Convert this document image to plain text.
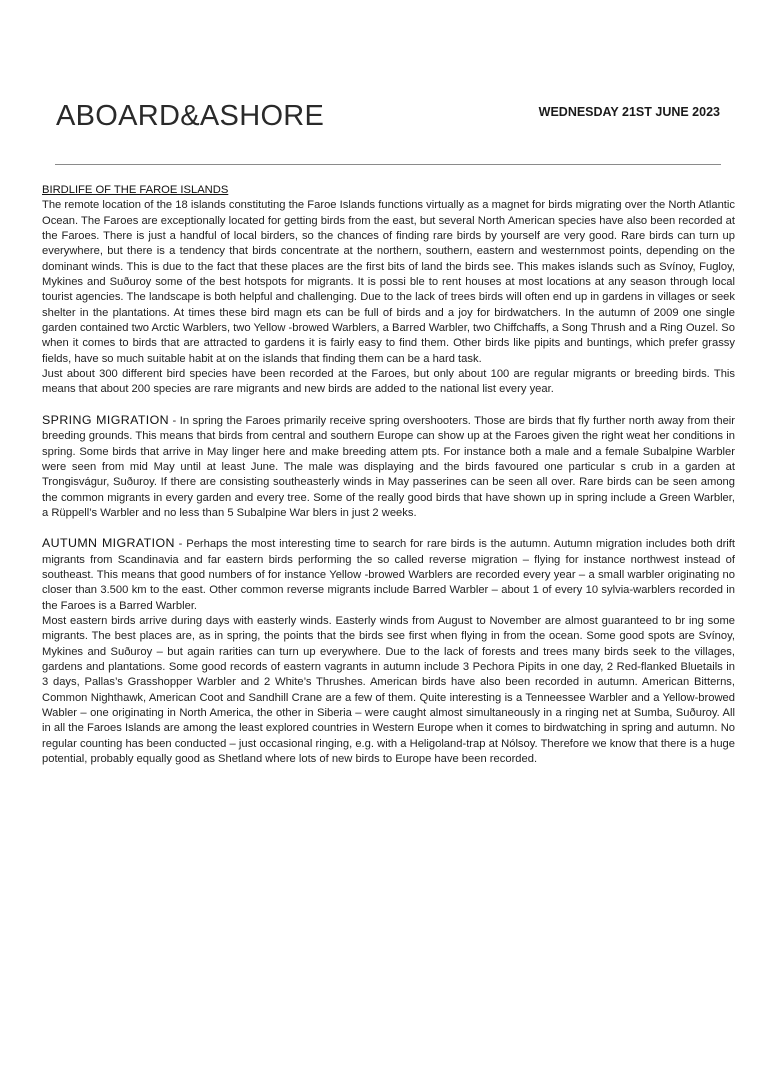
ABOARD&ASHORE	WEDNESDAY 21ST JUNE 2023

BIRDLIFE OF THE FAROE ISLANDS

The remote location of the 18 islands constituting the Faroe Islands functions virtually as a magnet for birds migrating over the North Atlantic Ocean. The Faroes are exceptionally located for getting birds from the east, but several North American species have also been recorded at the Faroes. There is just a handful of local birders, so the chances of finding rare birds by yourself are very good. Rare birds can turn up everywhere, but there is a tendency that birds concentrate at the northern, southern, eastern and westernmost points, depending on the dominant winds. This is due to the fact that these places are the first bits of land the birds see. This makes islands such as Svínoy, Fugloy, Mykines and Suðuroy some of the best hotspots for migrants. It is possi ble to rent houses at most locations at any season through local tourist agencies. The landscape is both helpful and challenging. Due to the lack of trees birds will often end up in gardens in villages or seek shelter in the plantations. At times these bird magn ets can be full of birds and a joy for birdwatchers. In the autumn of 2009 one single garden contained two Arctic Warblers, two Yellow -browed Warblers, a Barred Warbler, two Chiffchaffs, a Song Thrush and a Ring Ouzel. So when it comes to birds that are attracted to gardens it is fairly easy to find them. Other birds like pipits and buntings, which prefer grassy fields, have so much suitable habit at on the islands that finding them can be a hard task.

Just about 300 different bird species have been recorded at the Faroes, but only about 100 are regular migrants or breeding birds. This means that about 200 species are rare migrants and new birds are added to the national list every year.

SPRING MIGRATION - In spring the Faroes primarily receive spring overshooters. Those are birds that fly further north away from their breeding grounds. This means that birds from central and southern Europe can show up at the Faroes given the right weat her conditions in spring. Some birds that arrive in May linger here and make breeding attem pts. For instance both a male and a female Subalpine Warbler were seen from mid May until at least June. The male was displaying and the birds favoured one particular s crub in a garden at Trongisvágur, Suðuroy. If there are consisting southeasterly winds in May passerines can be seen all over. Rare birds can be seen among the common migrants in every garden and every tree. Some of the really good birds that have shown up in spring include a Green Warbler, a Rüppell’s Warbler and no less than 5 Subalpine War blers in just 2 weeks.

AUTUMN MIGRATION - Perhaps the most interesting time to search for rare birds is the autumn. Autumn migration includes both drift migrants from Scandinavia and far eastern birds performing the so called reverse migration – flying for instance northwest instead of southeast. This means that good numbers of for instance Yellow -browed Warblers are recorded every year – a small warbler originating no closer than 3.500 km to the east. Other common reverse migrants include Barred Warbler – about 1 of every 10 sylvia-warblers recorded in the Faroes is a Barred Warbler.

Most eastern birds arrive during days with easterly winds. Easterly winds from August to November are almost guaranteed to br ing some migrants. The best places are, as in spring, the points that the birds see first when flying in from the ocean. Some good spots are Svínoy, Mykines and Suðuroy – but again rarities can turn up everywhere. Due to the lack of forests and trees many birds seek to the villages, gardens and plantations. Some good records of eastern vagrants in autumn include 3 Pechora Pipits in one day, 2 Red-flanked Bluetails in 3 days, Pallas’s Grasshopper Warbler and 2 White’s Thrushes. American birds have also been recorded in autumn. American Bitterns, Common Nighthawk, American Coot and Sandhill Crane are a few of them. Quite interesting is a Tenneessee Warbler and a Yellow-browed Wabler – one originating in North America, the other in Siberia – were caught almost simultaneously in a ringing net at Sumba, Suðuroy. All in all the Faroes Islands are among the least explored countries in Western Europe when it comes to birdwatching in spring and autumn. No regular counting has been conducted – just occasional ringing, e.g. with a Heligoland-trap at Nólsoy. Therefore we know that there is a huge potential, probably equally good as Shetland where lots of new birds to Europe have been recorded.
